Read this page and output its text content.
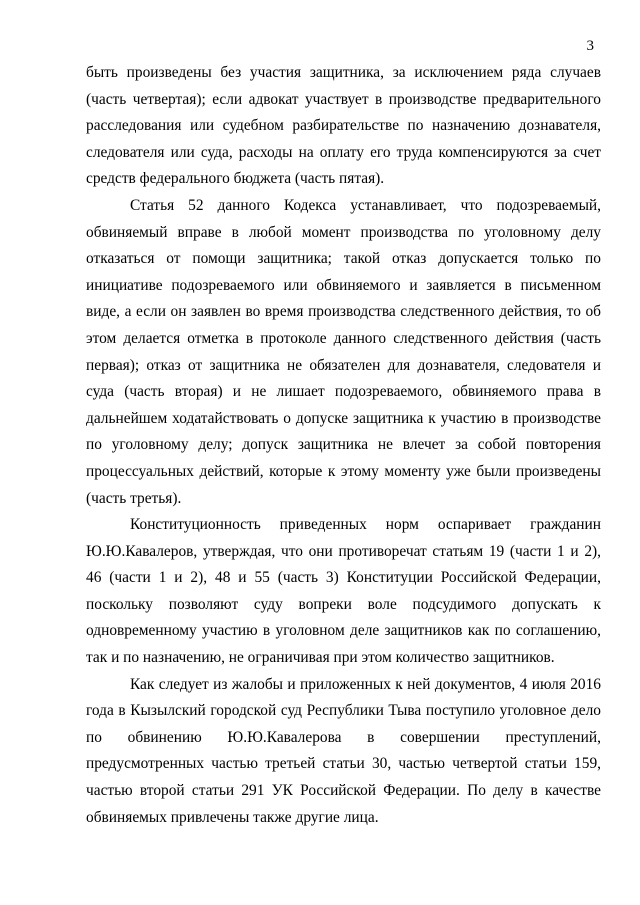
3

быть произведены без участия защитника, за исключением ряда случаев (часть четвертая); если адвокат участвует в производстве предварительного расследования или судебном разбирательстве по назначению дознавателя, следователя или суда, расходы на оплату его труда компенсируются за счет средств федерального бюджета (часть пятая).

Статья 52 данного Кодекса устанавливает, что подозреваемый, обвиняемый вправе в любой момент производства по уголовному делу отказаться от помощи защитника; такой отказ допускается только по инициативе подозреваемого или обвиняемого и заявляется в письменном виде, а если он заявлен во время производства следственного действия, то об этом делается отметка в протоколе данного следственного действия (часть первая); отказ от защитника не обязателен для дознавателя, следователя и суда (часть вторая) и не лишает подозреваемого, обвиняемого права в дальнейшем ходатайствовать о допуске защитника к участию в производстве по уголовному делу; допуск защитника не влечет за собой повторения процессуальных действий, которые к этому моменту уже были произведены (часть третья).

Конституционность приведенных норм оспаривает гражданин Ю.Ю.Кавалеров, утверждая, что они противоречат статьям 19 (части 1 и 2), 46 (части 1 и 2), 48 и 55 (часть 3) Конституции Российской Федерации, поскольку позволяют суду вопреки воле подсудимого допускать к одновременному участию в уголовном деле защитников как по соглашению, так и по назначению, не ограничивая при этом количество защитников.

Как следует из жалобы и приложенных к ней документов, 4 июля 2016 года в Кызылский городской суд Республики Тыва поступило уголовное дело по обвинению Ю.Ю.Кавалерова в совершении преступлений, предусмотренных частью третьей статьи 30, частью четвертой статьи 159, частью второй статьи 291 УК Российской Федерации. По делу в качестве обвиняемых привлечены также другие лица.
